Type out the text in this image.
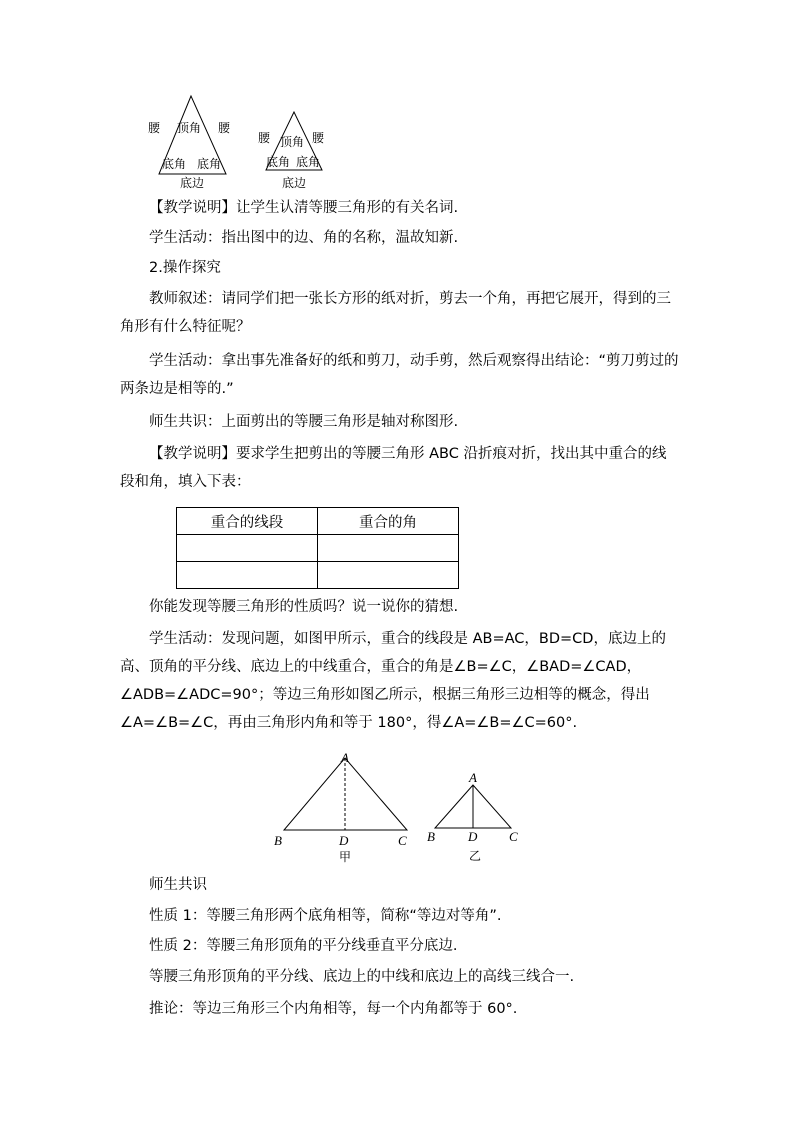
腰	腰
顶角
底角 底角
底边
腰	腰
顶角
底角 底角
底边

【教学说明】让学生认清等腰三角形的有关名词.

学生活动：指出图中的边、角的名称，温故知新.

2.操作探究

教师叙述：请同学们把一张长方形的纸对折，剪去一个角，再把它展开，得到的三角形有什么特征呢？

学生活动：拿出事先准备好的纸和剪刀，动手剪，然后观察得出结论：“剪刀剪过的两条边是相等的.”

师生共识：上面剪出的等腰三角形是轴对称图形.

【教学说明】要求学生把剪出的等腰三角形 ABC 沿折痕对折，找出其中重合的线段和角，填入下表：

重合的线段	重合的角

你能发现等腰三角形的性质吗？说一说你的猜想.

学生活动：发现问题，如图甲所示，重合的线段是 AB=AC，BD=CD，底边上的高、顶角的平分线、底边上的中线重合，重合的角是∠B=∠C，∠BAD=∠CAD，∠ADB=∠ADC=90°；等边三角形如图乙所示，根据三角形三边相等的概念，得出∠A=∠B=∠C，再由三角形内角和等于 180°，得∠A=∠B=∠C=60°.

A
B	C
D
甲
A
B	C
D
乙

师生共识

性质 1：等腰三角形两个底角相等，简称“等边对等角”.

性质 2：等腰三角形顶角的平分线垂直平分底边.

等腰三角形顶角的平分线、底边上的中线和底边上的高线三线合一.

推论：等边三角形三个内角相等，每一个内角都等于 60°.
